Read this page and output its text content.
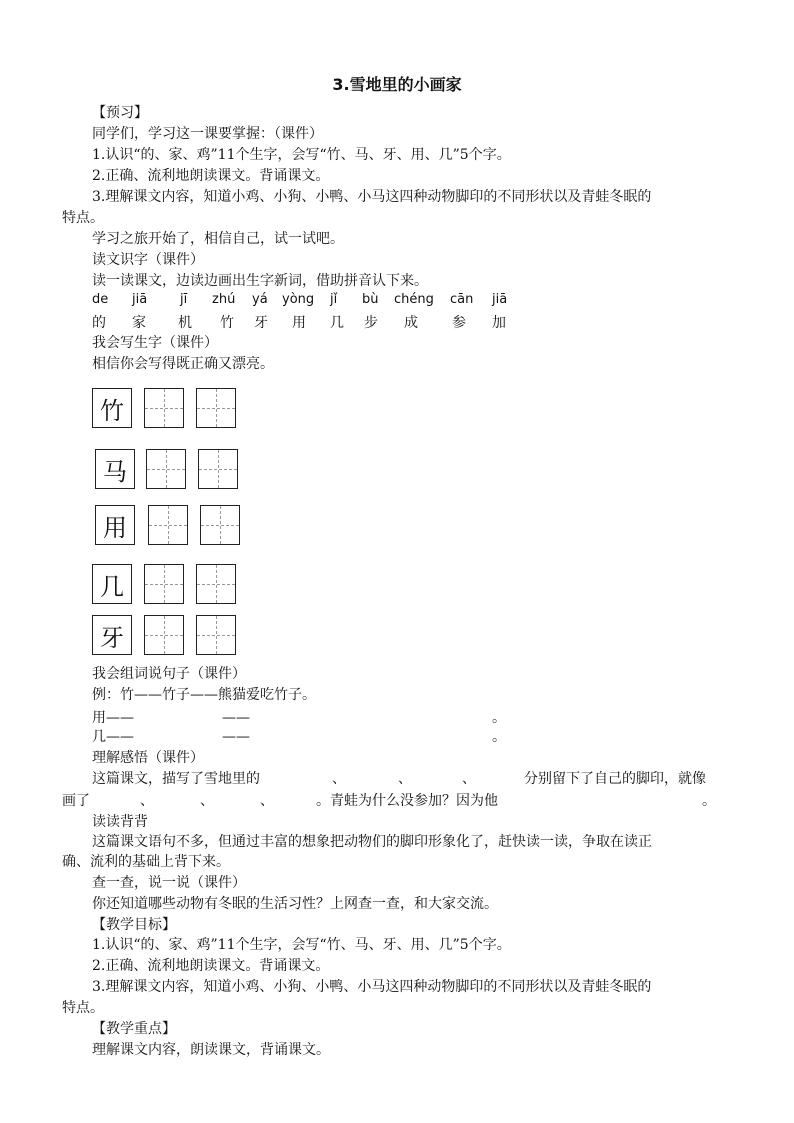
3.雪地里的小画家
【预习】
同学们，学习这一课要掌握：（课件）
1.认识“的、家、鸡”11个生字，会写“竹、马、牙、用、几”5个字。
2.正确、流利地朗读课文。背诵课文。
3.理解课文内容，知道小鸡、小狗、小鸭、小马这四种动物脚印的不同形状以及青蛙冬眠的
特点。
学习之旅开始了，相信自己，试一试吧。
读文识字（课件）
读一读课文，边读边画出生字新词，借助拼音认下来。
de jiā	jī zhú yá yòng jǐ bù chéng cān jiā
的 家 机 竹 牙 用 几 步 成 参 加
我会写生字（课件）
相信你会写得既正确又漂亮。
竹
马
用
几
牙
我会组词说句子（课件）
例：竹——竹子——熊猫爱吃竹子。
用——	——	。
几——	——	。
理解感悟（课件）
这篇课文，描写了雪地里的	、	、	、	分别留下了自己的脚印，就像
画了	、	、	、	。青蛙为什么没参加？因为他	。
读读背背
这篇课文语句不多，但通过丰富的想象把动物们的脚印形象化了，赶快读一读，争取在读正
确、流利的基础上背下来。
查一查，说一说（课件）
你还知道哪些动物有冬眠的生活习性？上网查一查，和大家交流。
【教学目标】
1.认识“的、家、鸡”11个生字，会写“竹、马、牙、用、几”5个字。
2.正确、流利地朗读课文。背诵课文。
3.理解课文内容，知道小鸡、小狗、小鸭、小马这四种动物脚印的不同形状以及青蛙冬眠的
特点。
【教学重点】
理解课文内容，朗读课文，背诵课文。
